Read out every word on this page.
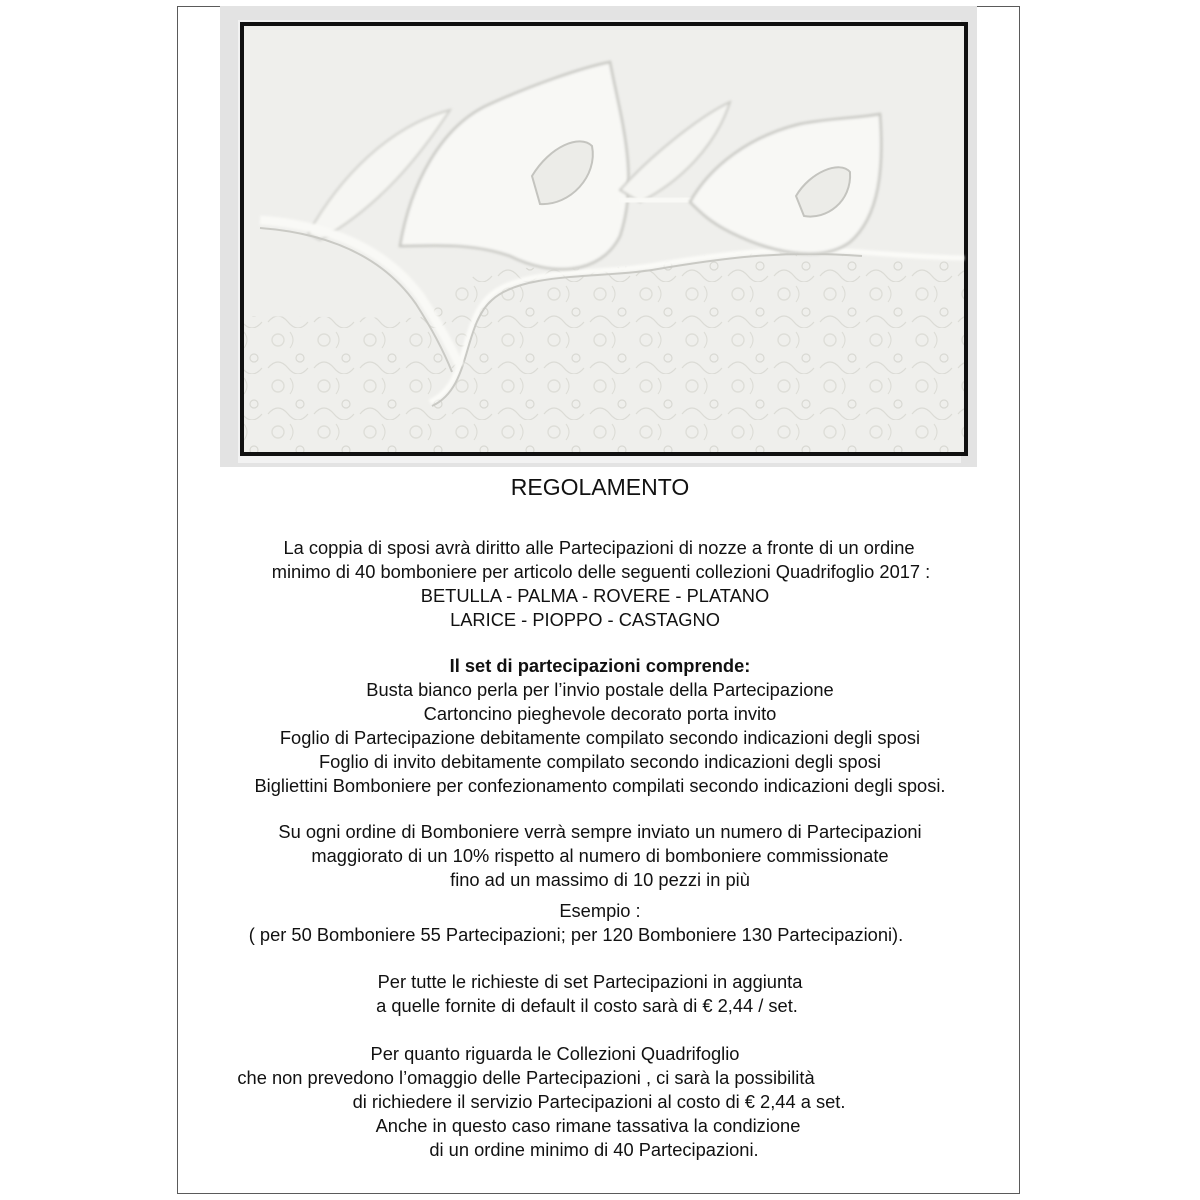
REGOLAMENTO
La coppia di sposi avrà diritto alle Partecipazioni di nozze a fronte di un ordine
minimo di 40 bomboniere per articolo delle seguenti collezioni Quadrifoglio 2017 :
BETULLA - PALMA - ROVERE - PLATANO
LARICE - PIOPPO - CASTAGNO
Il set di partecipazioni comprende:
Busta bianco perla per l’invio postale della Partecipazione
Cartoncino pieghevole decorato porta invito
Foglio di Partecipazione debitamente compilato secondo indicazioni degli sposi
Foglio di invito debitamente compilato secondo indicazioni degli sposi
Bigliettini Bomboniere per confezionamento compilati secondo indicazioni degli sposi.
Su ogni ordine di Bomboniere verrà sempre inviato un numero di Partecipazioni
maggiorato di un 10% rispetto al numero di bomboniere commissionate
fino ad un massimo di 10 pezzi in più
Esempio :
( per 50 Bomboniere 55 Partecipazioni; per 120 Bomboniere 130 Partecipazioni).
Per tutte le richieste di set Partecipazioni in aggiunta
a quelle fornite di default il costo sarà di € 2,44 / set.
Per quanto riguarda le Collezioni Quadrifoglio
che non prevedono l’omaggio delle Partecipazioni , ci sarà la possibilità
di richiedere il servizio Partecipazioni al costo di € 2,44 a set.
Anche in questo caso rimane tassativa la condizione
di un ordine minimo di 40 Partecipazioni.
